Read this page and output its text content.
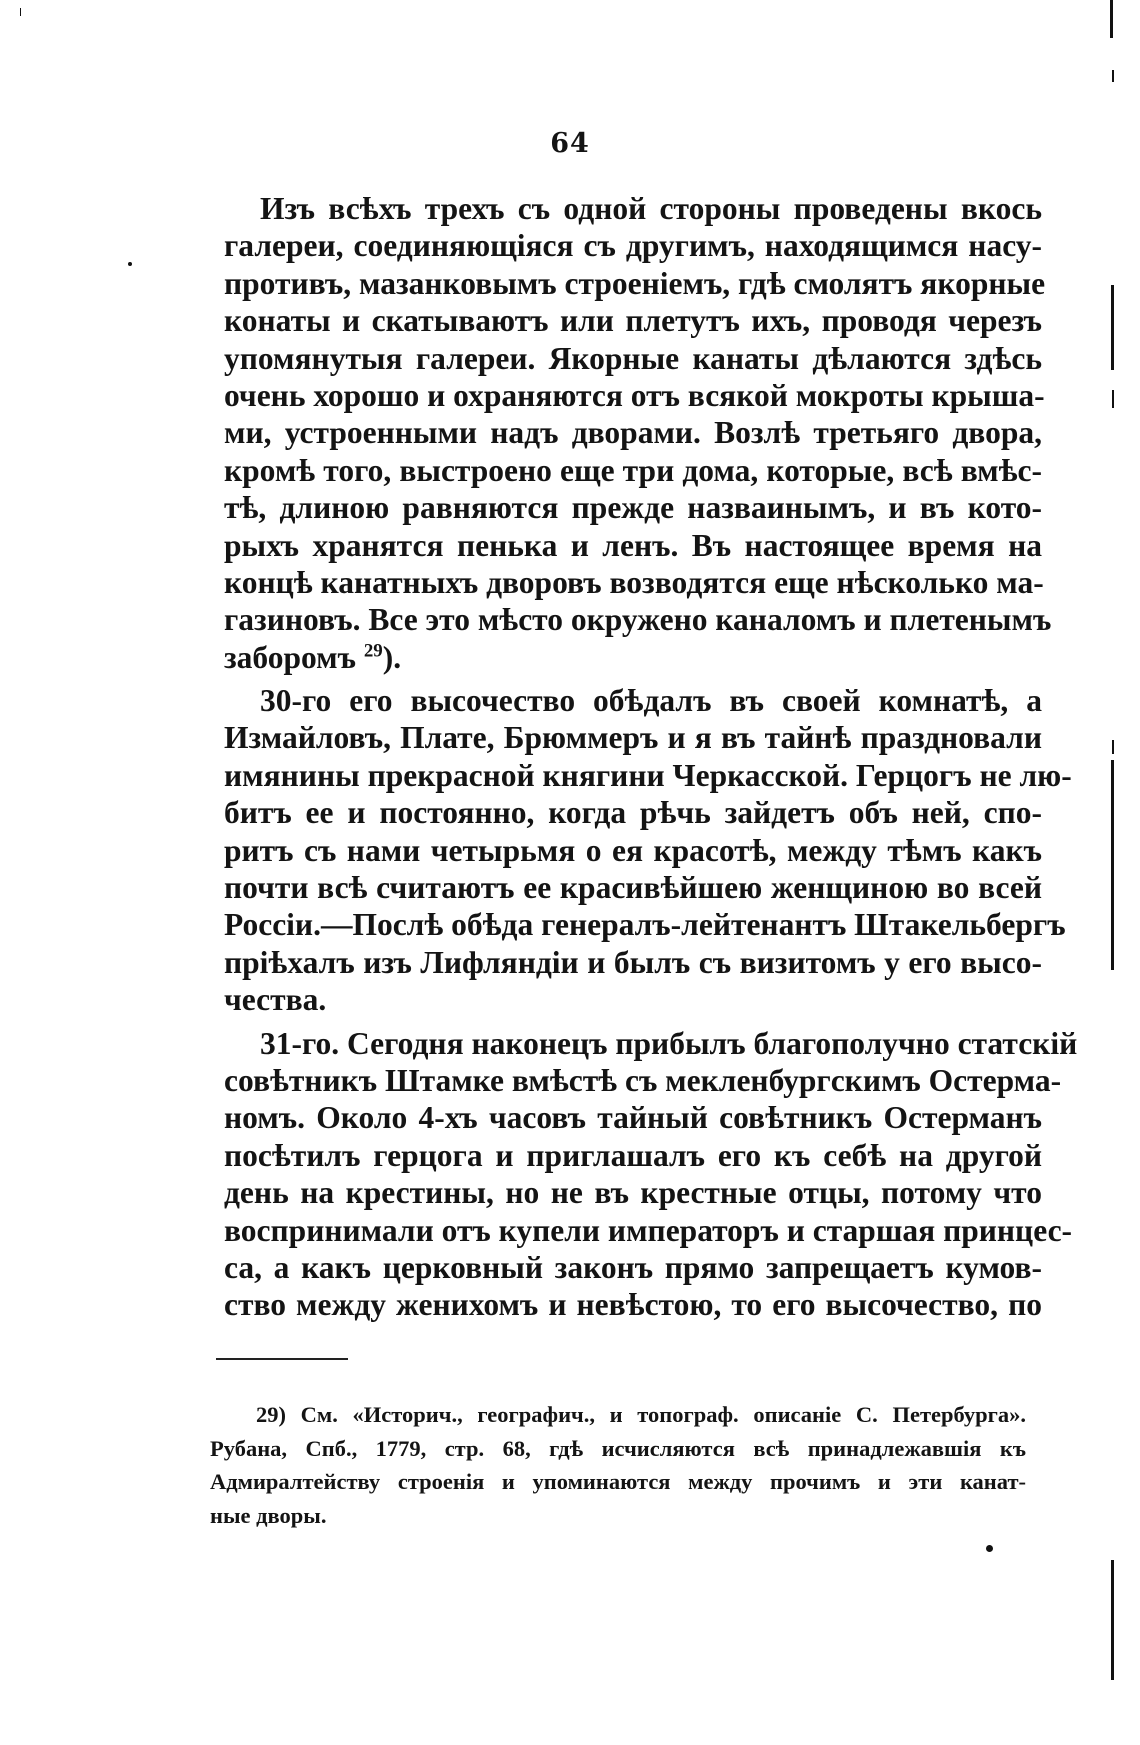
64
Изъ всѣхъ трехъ съ одной стороны проведены вкось
галереи, соединяющіяся съ другимъ, находящимся насу-
противъ, мазанковымъ строеніемъ, гдѣ смолятъ якорные
конаты и скатываютъ или плетутъ ихъ, проводя черезъ
упомянутыя галереи. Якорные канаты дѣлаются здѣсь
очень хорошо и охраняются отъ всякой мокроты крыша-
ми, устроенными надъ дворами. Возлѣ третьяго двора,
кромѣ того, выстроено еще три дома, которые, всѣ вмѣс-
тѣ, длиною равняются прежде назваинымъ, и въ кото-
рыхъ хранятся пенька и ленъ. Въ настоящее время на
концѣ канатныхъ дворовъ возводятся еще нѣсколько ма-
газиновъ. Все это мѣсто окружено каналомъ и плетенымъ
заборомъ $^{29}$).
30-го его высочество обѣдалъ въ своей комнатѣ, а
Измайловъ, Плате, Брюммеръ и я въ тайнѣ праздновали
имянины прекрасной княгини Черкасской. Герцогъ не лю-
битъ ее и постоянно, когда рѣчь зайдетъ объ ней, спо-
ритъ съ нами четырьмя о ея красотѣ, между тѣмъ какъ
почти всѣ считаютъ ее красивѣйшею женщиною во всей
Россіи.—Послѣ обѣда генералъ-лейтенантъ Штакельбергъ
пріѣхалъ изъ Лифляндіи и былъ съ визитомъ у его высо-
чества.
31-го. Сегодня наконецъ прибылъ благополучно статскій
совѣтникъ Штамке вмѣстѣ съ мекленбургскимъ Остерма-
номъ. Около 4-хъ часовъ тайный совѣтникъ Остерманъ
посѣтилъ герцога и приглашалъ его къ себѣ на другой
день на крестины, но не въ крестные отцы, потому что
воспринимали отъ купели императоръ и старшая принцес-
са, а какъ церковный законъ прямо запрещаетъ кумов-
ство между женихомъ и невѣстою, то его высочество, по
29) См. «Историч., географич., и топограф. описаніе С. Петербурга».
Рубана, Спб., 1779, стр. 68, гдѣ исчисляются всѣ принадлежавшія къ
Адмиралтейству строенія и упоминаются между прочимъ и эти канат-
ные дворы.
